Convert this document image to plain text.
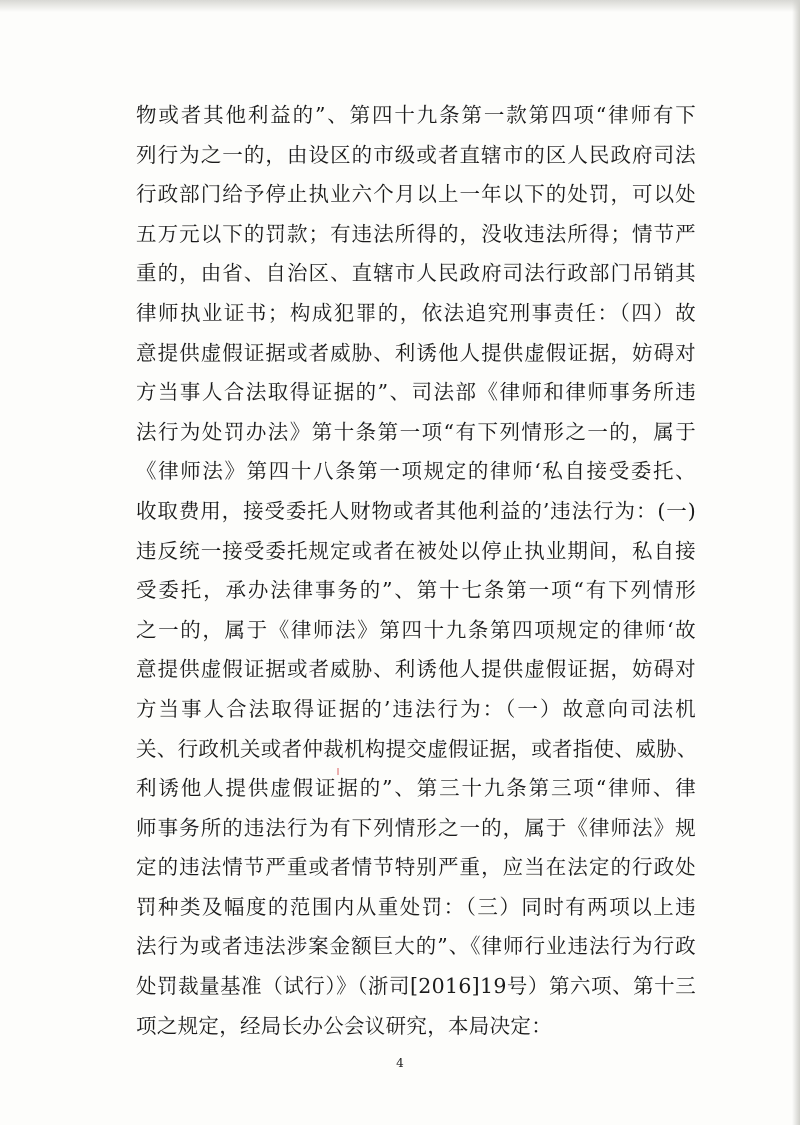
物或者其他利益的”、第四十九条第一款第四项“律师有下
列行为之一的，由设区的市级或者直辖市的区人民政府司法
行政部门给予停止执业六个月以上一年以下的处罚，可以处
五万元以下的罚款；有违法所得的，没收违法所得；情节严
重的，由省、自治区、直辖市人民政府司法行政部门吊销其
律师执业证书；构成犯罪的，依法追究刑事责任：（四）故
意提供虚假证据或者威胁、利诱他人提供虚假证据，妨碍对
方当事人合法取得证据的”、司法部《律师和律师事务所违
法行为处罚办法》第十条第一项“有下列情形之一的，属于
《律师法》第四十八条第一项规定的律师‘私自接受委托、
收取费用，接受委托人财物或者其他利益的’违法行为：(一)
违反统一接受委托规定或者在被处以停止执业期间，私自接
受委托，承办法律事务的”、第十七条第一项“有下列情形
之一的，属于《律师法》第四十九条第四项规定的律师‘故
意提供虚假证据或者威胁、利诱他人提供虚假证据，妨碍对
方当事人合法取得证据的’违法行为：（一）故意向司法机
关、行政机关或者仲裁机构提交虚假证据，或者指使、威胁、
利诱他人提供虚假证据的”、第三十九条第三项“律师、律
师事务所的违法行为有下列情形之一的，属于《律师法》规
定的违法情节严重或者情节特别严重，应当在法定的行政处
罚种类及幅度的范围内从重处罚：（三）同时有两项以上违
法行为或者违法涉案金额巨大的”、《律师行业违法行为行政
处罚裁量基准（试行）》（浙司[2016]19号）第六项、第十三
项之规定，经局长办公会议研究，本局决定：
4
